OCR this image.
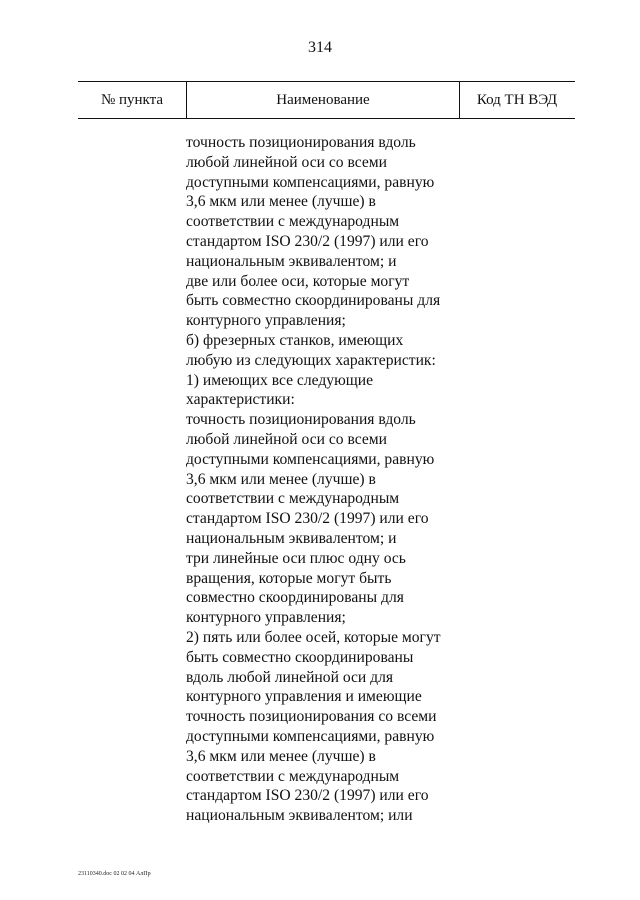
314
№ пункта	Наименование	Код ТН ВЭД
точность позиционирования вдоль
любой линейной оси со всеми
доступными компенсациями, равную
3,6 мкм или менее (лучше) в
соответствии с международным
стандартом ISO 230/2 (1997) или его
национальным эквивалентом; и
две или более оси, которые могут
быть совместно скоординированы для
контурного управления;
б) фрезерных станков, имеющих
любую из следующих характеристик:
1) имеющих все следующие
характеристики:
точность позиционирования вдоль
любой линейной оси со всеми
доступными компенсациями, равную
3,6 мкм или менее (лучше) в
соответствии с международным
стандартом ISO 230/2 (1997) или его
национальным эквивалентом; и
три линейные оси плюс одну ось
вращения, которые могут быть
совместно скоординированы для
контурного управления;
2) пять или более осей, которые могут
быть совместно скоординированы
вдоль любой линейной оси для
контурного управления и имеющие
точность позиционирования со всеми
доступными компенсациями, равную
3,6 мкм или менее (лучше) в
соответствии с международным
стандартом ISO 230/2 (1997) или его
национальным эквивалентом; или
23110340.doc 02 02 04 АлПр
